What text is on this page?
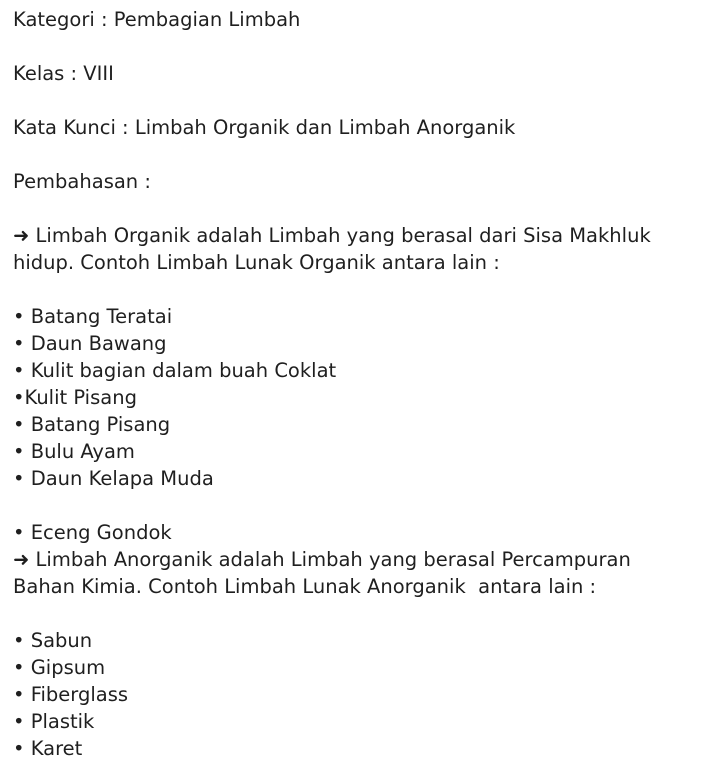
Kategori : Pembagian Limbah
Kelas : VIII
Kata Kunci : Limbah Organik dan Limbah Anorganik
Pembahasan :
➜ Limbah Organik adalah Limbah yang berasal dari Sisa Makhluk
hidup. Contoh Limbah Lunak Organik antara lain :
• Batang Teratai
• Daun Bawang
• Kulit bagian dalam buah Coklat
•Kulit Pisang
• Batang Pisang
• Bulu Ayam
• Daun Kelapa Muda
• Eceng Gondok
➜ Limbah Anorganik adalah Limbah yang berasal Percampuran
Bahan Kimia. Contoh Limbah Lunak Anorganik  antara lain :
• Sabun
• Gipsum
• Fiberglass
• Plastik
• Karet
